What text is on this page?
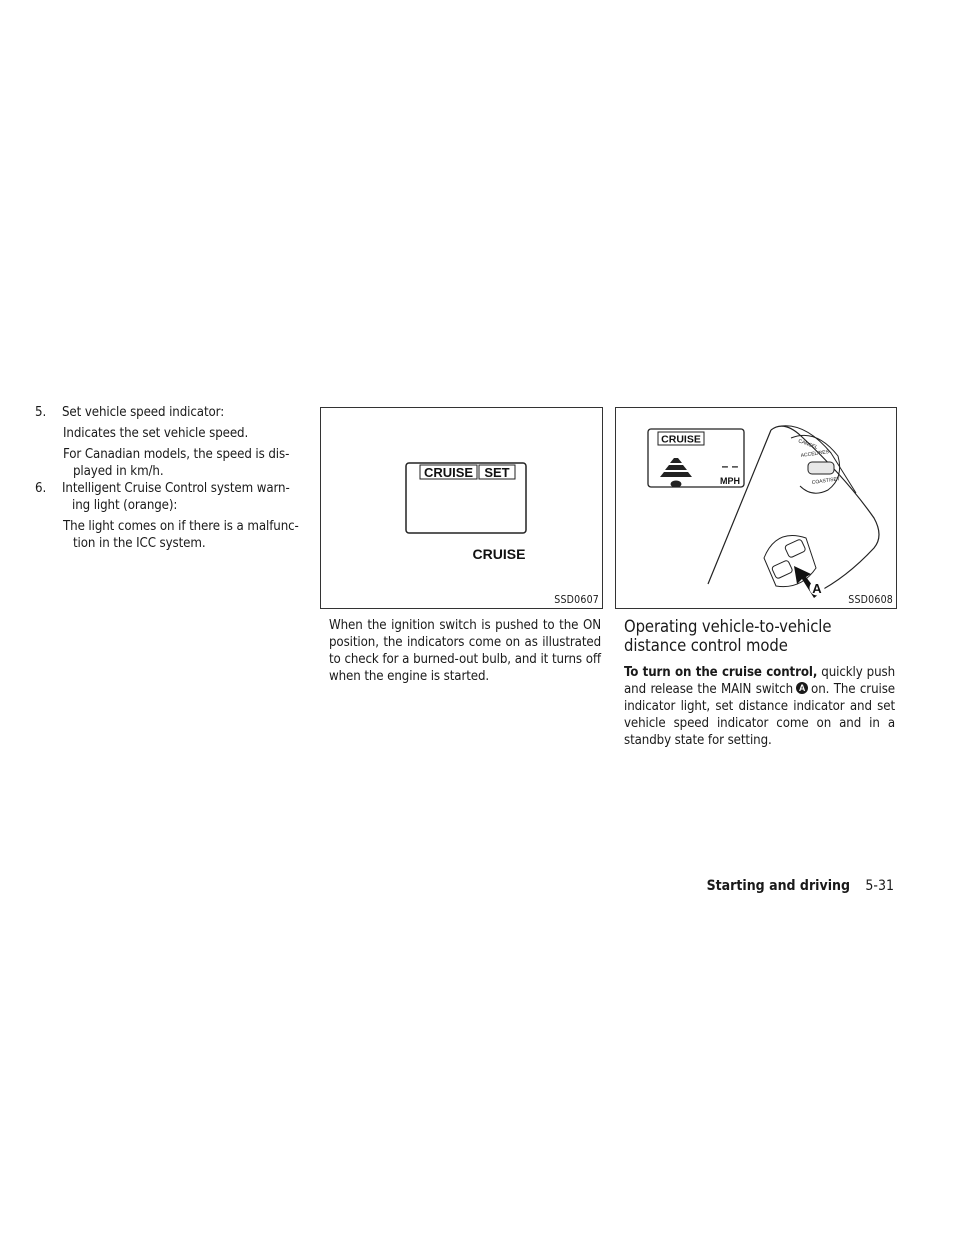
5. Set vehicle speed indicator:
Indicates the set vehicle speed.
For Canadian models, the speed is dis-played in km/h.
6. Intelligent Cruise Control system warn-ing light (orange):
The light comes on if there is a malfunc-tion in the ICC system.
CRUISE SET
CRUISE
SSD0607
CRUISE
– –
MPH
CANCEL
ACCEL/RES
COAST/SET
A
SSD0608
When the ignition switch is pushed to the ON position, the indicators come on as illustrated to check for a burned-out bulb, and it turns off when the engine is started.
Operating vehicle-to-vehicle distance control mode
To turn on the cruise control, quickly push and release the MAIN switch A on. The cruise indicator light, set distance indicator and set vehicle speed indicator come on and in a standby state for setting.
Starting and driving 5-31
